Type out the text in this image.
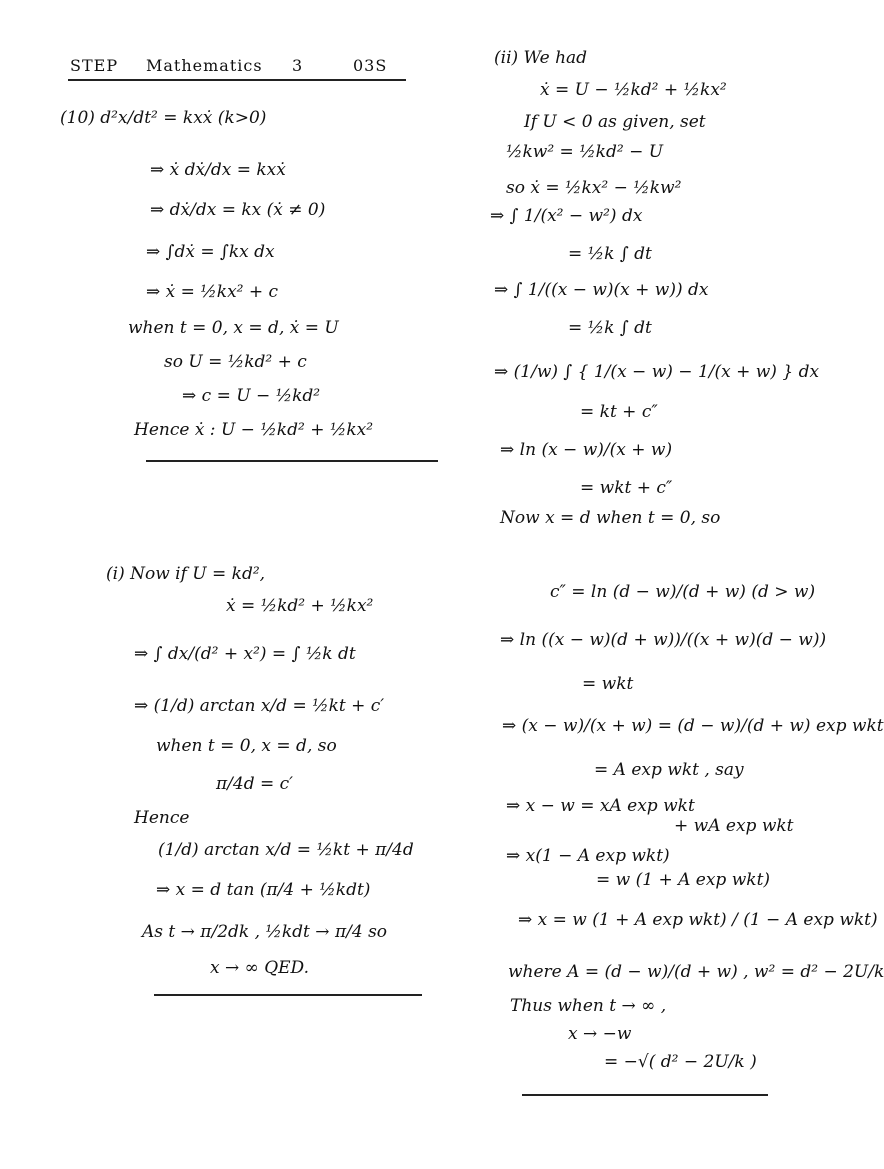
STEP Mathematics 3	03S
(10) d²x/dt² = kxẋ (k>0)
⇒ ẋ dẋ/dx = kxẋ
⇒ dẋ/dx = kx (ẋ ≠ 0)
⇒ ∫dẋ = ∫kx dx
⇒ ẋ = ½kx² + c
when t = 0, x = d, ẋ = U
so U = ½kd² + c
⇒ c = U − ½kd²
Hence ẋ : U − ½kd² + ½kx²
(i) Now if U = kd²,
ẋ = ½kd² + ½kx²
⇒ ∫ dx/(d² + x²) = ∫ ½k dt
⇒ (1/d) arctan x/d = ½kt + c′
when t = 0, x = d, so
π/4d = c′
Hence
(1/d) arctan x/d = ½kt + π/4d
⇒ x = d tan (π/4 + ½kdt)
As t → π/2dk , ½kdt → π/4 so
x → ∞ QED.
(ii) We had
ẋ = U − ½kd² + ½kx²
If U < 0 as given, set
½kw² = ½kd² − U
so ẋ = ½kx² − ½kw²
⇒ ∫ 1/(x² − w²) dx
= ½k ∫ dt
⇒ ∫ 1/((x − w)(x + w)) dx
= ½k ∫ dt
⇒ (1/w) ∫ { 1/(x − w) − 1/(x + w) } dx
= kt + c″
⇒ ln (x − w)/(x + w)
= wkt + c″
Now x = d when t = 0, so
c″ = ln (d − w)/(d + w) (d > w)
⇒ ln ((x − w)(d + w))/((x + w)(d − w))
= wkt
⇒ (x − w)/(x + w) = (d − w)/(d + w) exp wkt
= A exp wkt , say
⇒ x − w = xA exp wkt
+ wA exp wkt
⇒ x(1 − A exp wkt)
= w (1 + A exp wkt)
⇒ x = w (1 + A exp wkt) / (1 − A exp wkt)
where A = (d − w)/(d + w) , w² = d² − 2U/k
Thus when t → ∞ ,
x → −w
= −√( d² − 2U/k )
